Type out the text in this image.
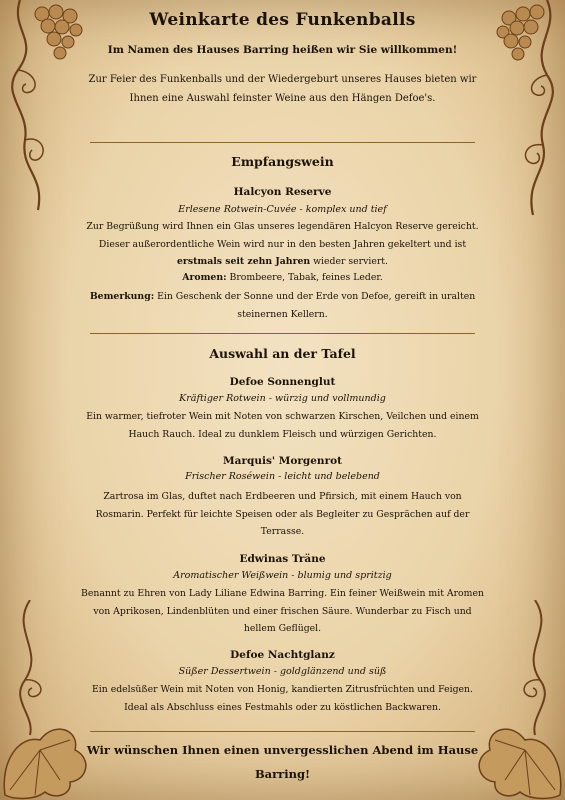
Weinkarte des Funkenballs
Im Namen des Hauses Barring heißen wir Sie willkommen!
Zur Feier des Funkenballs und der Wiedergeburt unseres Hauses bieten wir Ihnen eine Auswahl feinster Weine aus den Hängen Defoe's.
Empfangswein
Halcyon Reserve
Erlesene Rotwein-Cuvée - komplex und tief
Zur Begrüßung wird Ihnen ein Glas unseres legendären Halcyon Reserve gereicht. Dieser außerordentliche Wein wird nur in den besten Jahren gekeltert und ist erstmals seit zehn Jahren wieder serviert.
Aromen: Brombeere, Tabak, feines Leder.
Bemerkung: Ein Geschenk der Sonne und der Erde von Defoe, gereift in uralten steinernen Kellern.
Auswahl an der Tafel
Defoe Sonnenglut
Kräftiger Rotwein - würzig und vollmundig
Ein warmer, tiefroter Wein mit Noten von schwarzen Kirschen, Veilchen und einem Hauch Rauch. Ideal zu dunklem Fleisch und würzigen Gerichten.
Marquis' Morgenrot
Frischer Roséwein - leicht und belebend
Zartrosa im Glas, duftet nach Erdbeeren und Pfirsich, mit einem Hauch von Rosmarin. Perfekt für leichte Speisen oder als Begleiter zu Gesprächen auf der Terrasse.
Edwinas Träne
Aromatischer Weißwein - blumig und spritzig
Benannt zu Ehren von Lady Liliane Edwina Barring. Ein feiner Weißwein mit Aromen von Aprikosen, Lindenblüten und einer frischen Säure. Wunderbar zu Fisch und hellem Geflügel.
Defoe Nachtglanz
Süßer Dessertwein - goldglänzend und süß
Ein edelsüßer Wein mit Noten von Honig, kandierten Zitrusfrüchten und Feigen. Ideal als Abschluss eines Festmahls oder zu köstlichen Backwaren.
Wir wünschen Ihnen einen unvergesslichen Abend im Hause Barring!
